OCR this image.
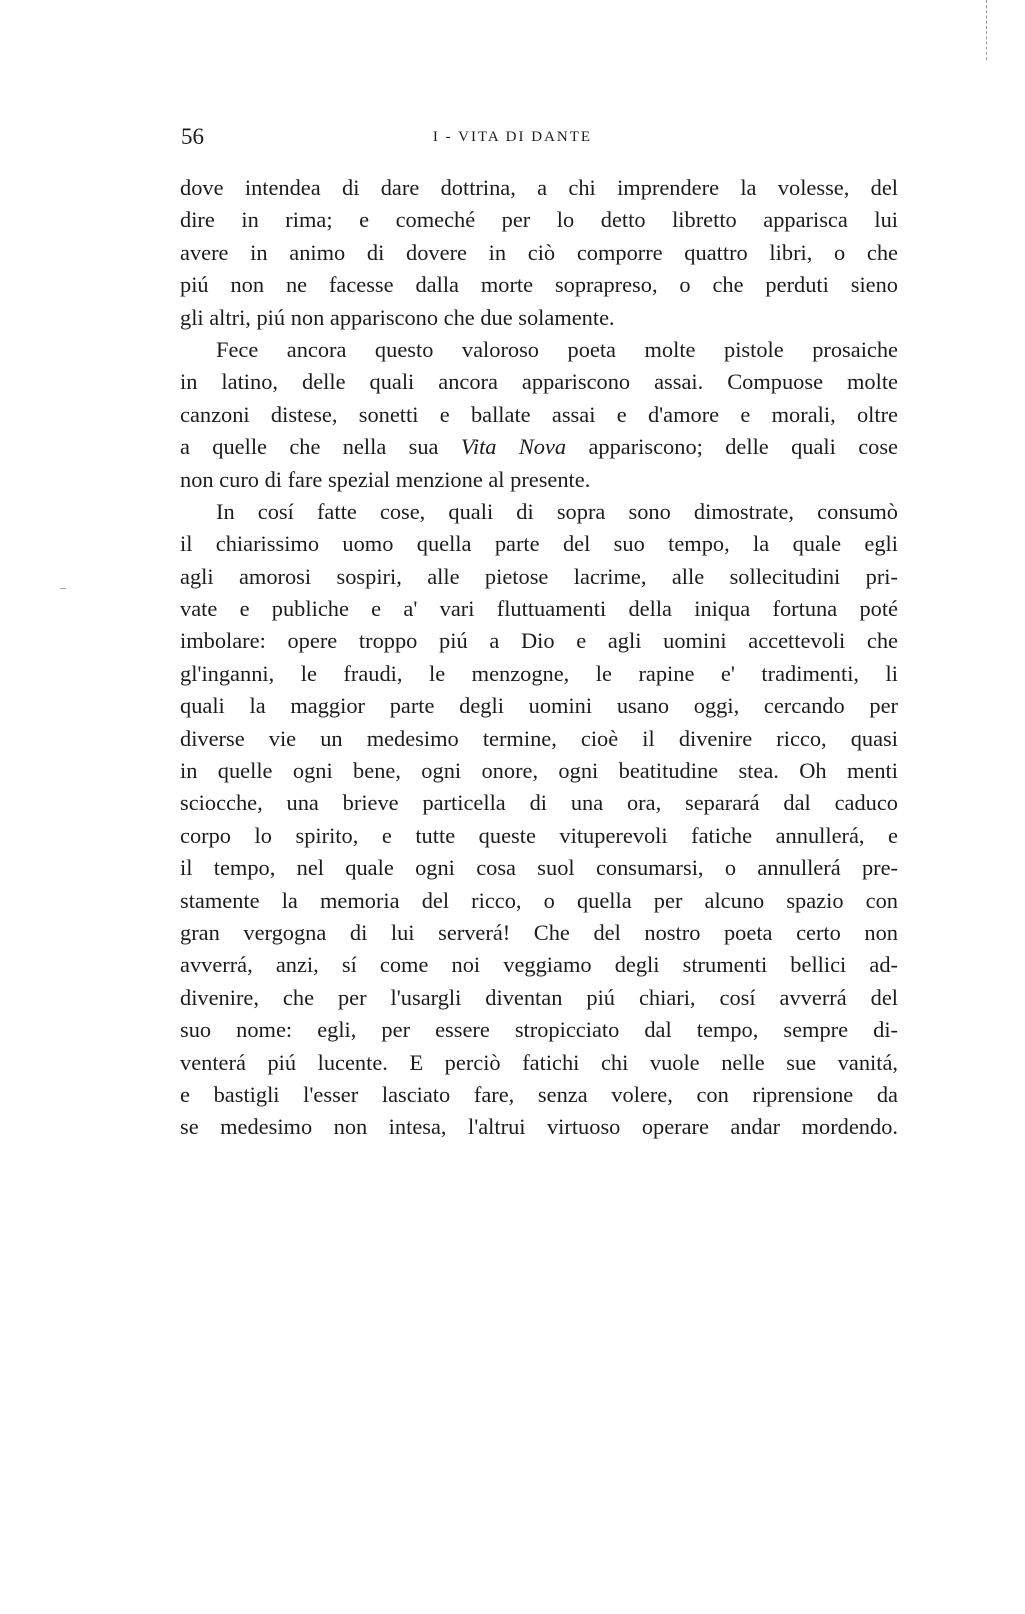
56	I - VITA DI DANTE
dove intendea di dare dottrina, a chi imprendere la volesse, del
dire in rima; e comeché per lo detto libretto apparisca lui
avere in animo di dovere in ciò comporre quattro libri, o che
piú non ne facesse dalla morte soprapreso, o che perduti sieno
gli altri, piú non appariscono che due solamente.
Fece ancora questo valoroso poeta molte pistole prosaiche
in latino, delle quali ancora appariscono assai. Compuose molte
canzoni distese, sonetti e ballate assai e d'amore e morali, oltre
a quelle che nella sua Vita Nova appariscono; delle quali cose
non curo di fare spezial menzione al presente.
In cosí fatte cose, quali di sopra sono dimostrate, consumò
il chiarissimo uomo quella parte del suo tempo, la quale egli
agli amorosi sospiri, alle pietose lacrime, alle sollecitudini pri-
vate e publiche e a' vari fluttuamenti della iniqua fortuna poté
imbolare: opere troppo piú a Dio e agli uomini accettevoli che
gl'inganni, le fraudi, le menzogne, le rapine e' tradimenti, li
quali la maggior parte degli uomini usano oggi, cercando per
diverse vie un medesimo termine, cioè il divenire ricco, quasi
in quelle ogni bene, ogni onore, ogni beatitudine stea. Oh menti
sciocche, una brieve particella di una ora, separará dal caduco
corpo lo spirito, e tutte queste vituperevoli fatiche annullerá, e
il tempo, nel quale ogni cosa suol consumarsi, o annullerá pre-
stamente la memoria del ricco, o quella per alcuno spazio con
gran vergogna di lui serverá! Che del nostro poeta certo non
avverrá, anzi, sí come noi veggiamo degli strumenti bellici ad-
divenire, che per l'usargli diventan piú chiari, cosí avverrá del
suo nome: egli, per essere stropicciato dal tempo, sempre di-
venterá piú lucente. E perciò fatichi chi vuole nelle sue vanitá,
e bastigli l'esser lasciato fare, senza volere, con riprensione da
se medesimo non intesa, l'altrui virtuoso operare andar mordendo.
